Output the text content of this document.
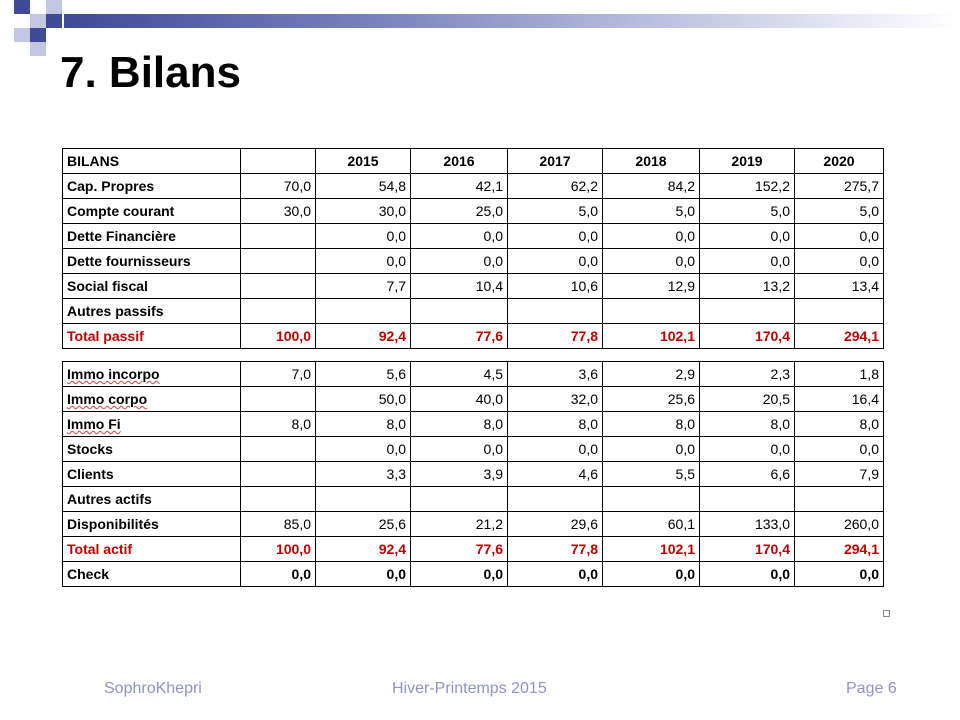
7. Bilans
BILANS		2015	2016	2017	2018	2019	2020
Cap. Propres	70,0	54,8	42,1	62,2	84,2	152,2	275,7
Compte courant	30,0	30,0	25,0	5,0	5,0	5,0	5,0
Dette Financière		0,0	0,0	0,0	0,0	0,0	0,0
Dette fournisseurs		0,0	0,0	0,0	0,0	0,0	0,0
Social fiscal		7,7	10,4	10,6	12,9	13,2	13,4
Autres passifs							
Total passif	100,0	92,4	77,6	77,8	102,1	170,4	294,1

Immo incorpo	7,0	5,6	4,5	3,6	2,9	2,3	1,8
Immo corpo		50,0	40,0	32,0	25,6	20,5	16,4
Immo Fi	8,0	8,0	8,0	8,0	8,0	8,0	8,0
Stocks		0,0	0,0	0,0	0,0	0,0	0,0
Clients		3,3	3,9	4,6	5,5	6,6	7,9
Autres actifs							
Disponibilités	85,0	25,6	21,2	29,6	60,1	133,0	260,0
Total actif	100,0	92,4	77,6	77,8	102,1	170,4	294,1
Check	0,0	0,0	0,0	0,0	0,0	0,0	0,0
SophroKhepri	Hiver-Printemps 2015	Page 6
